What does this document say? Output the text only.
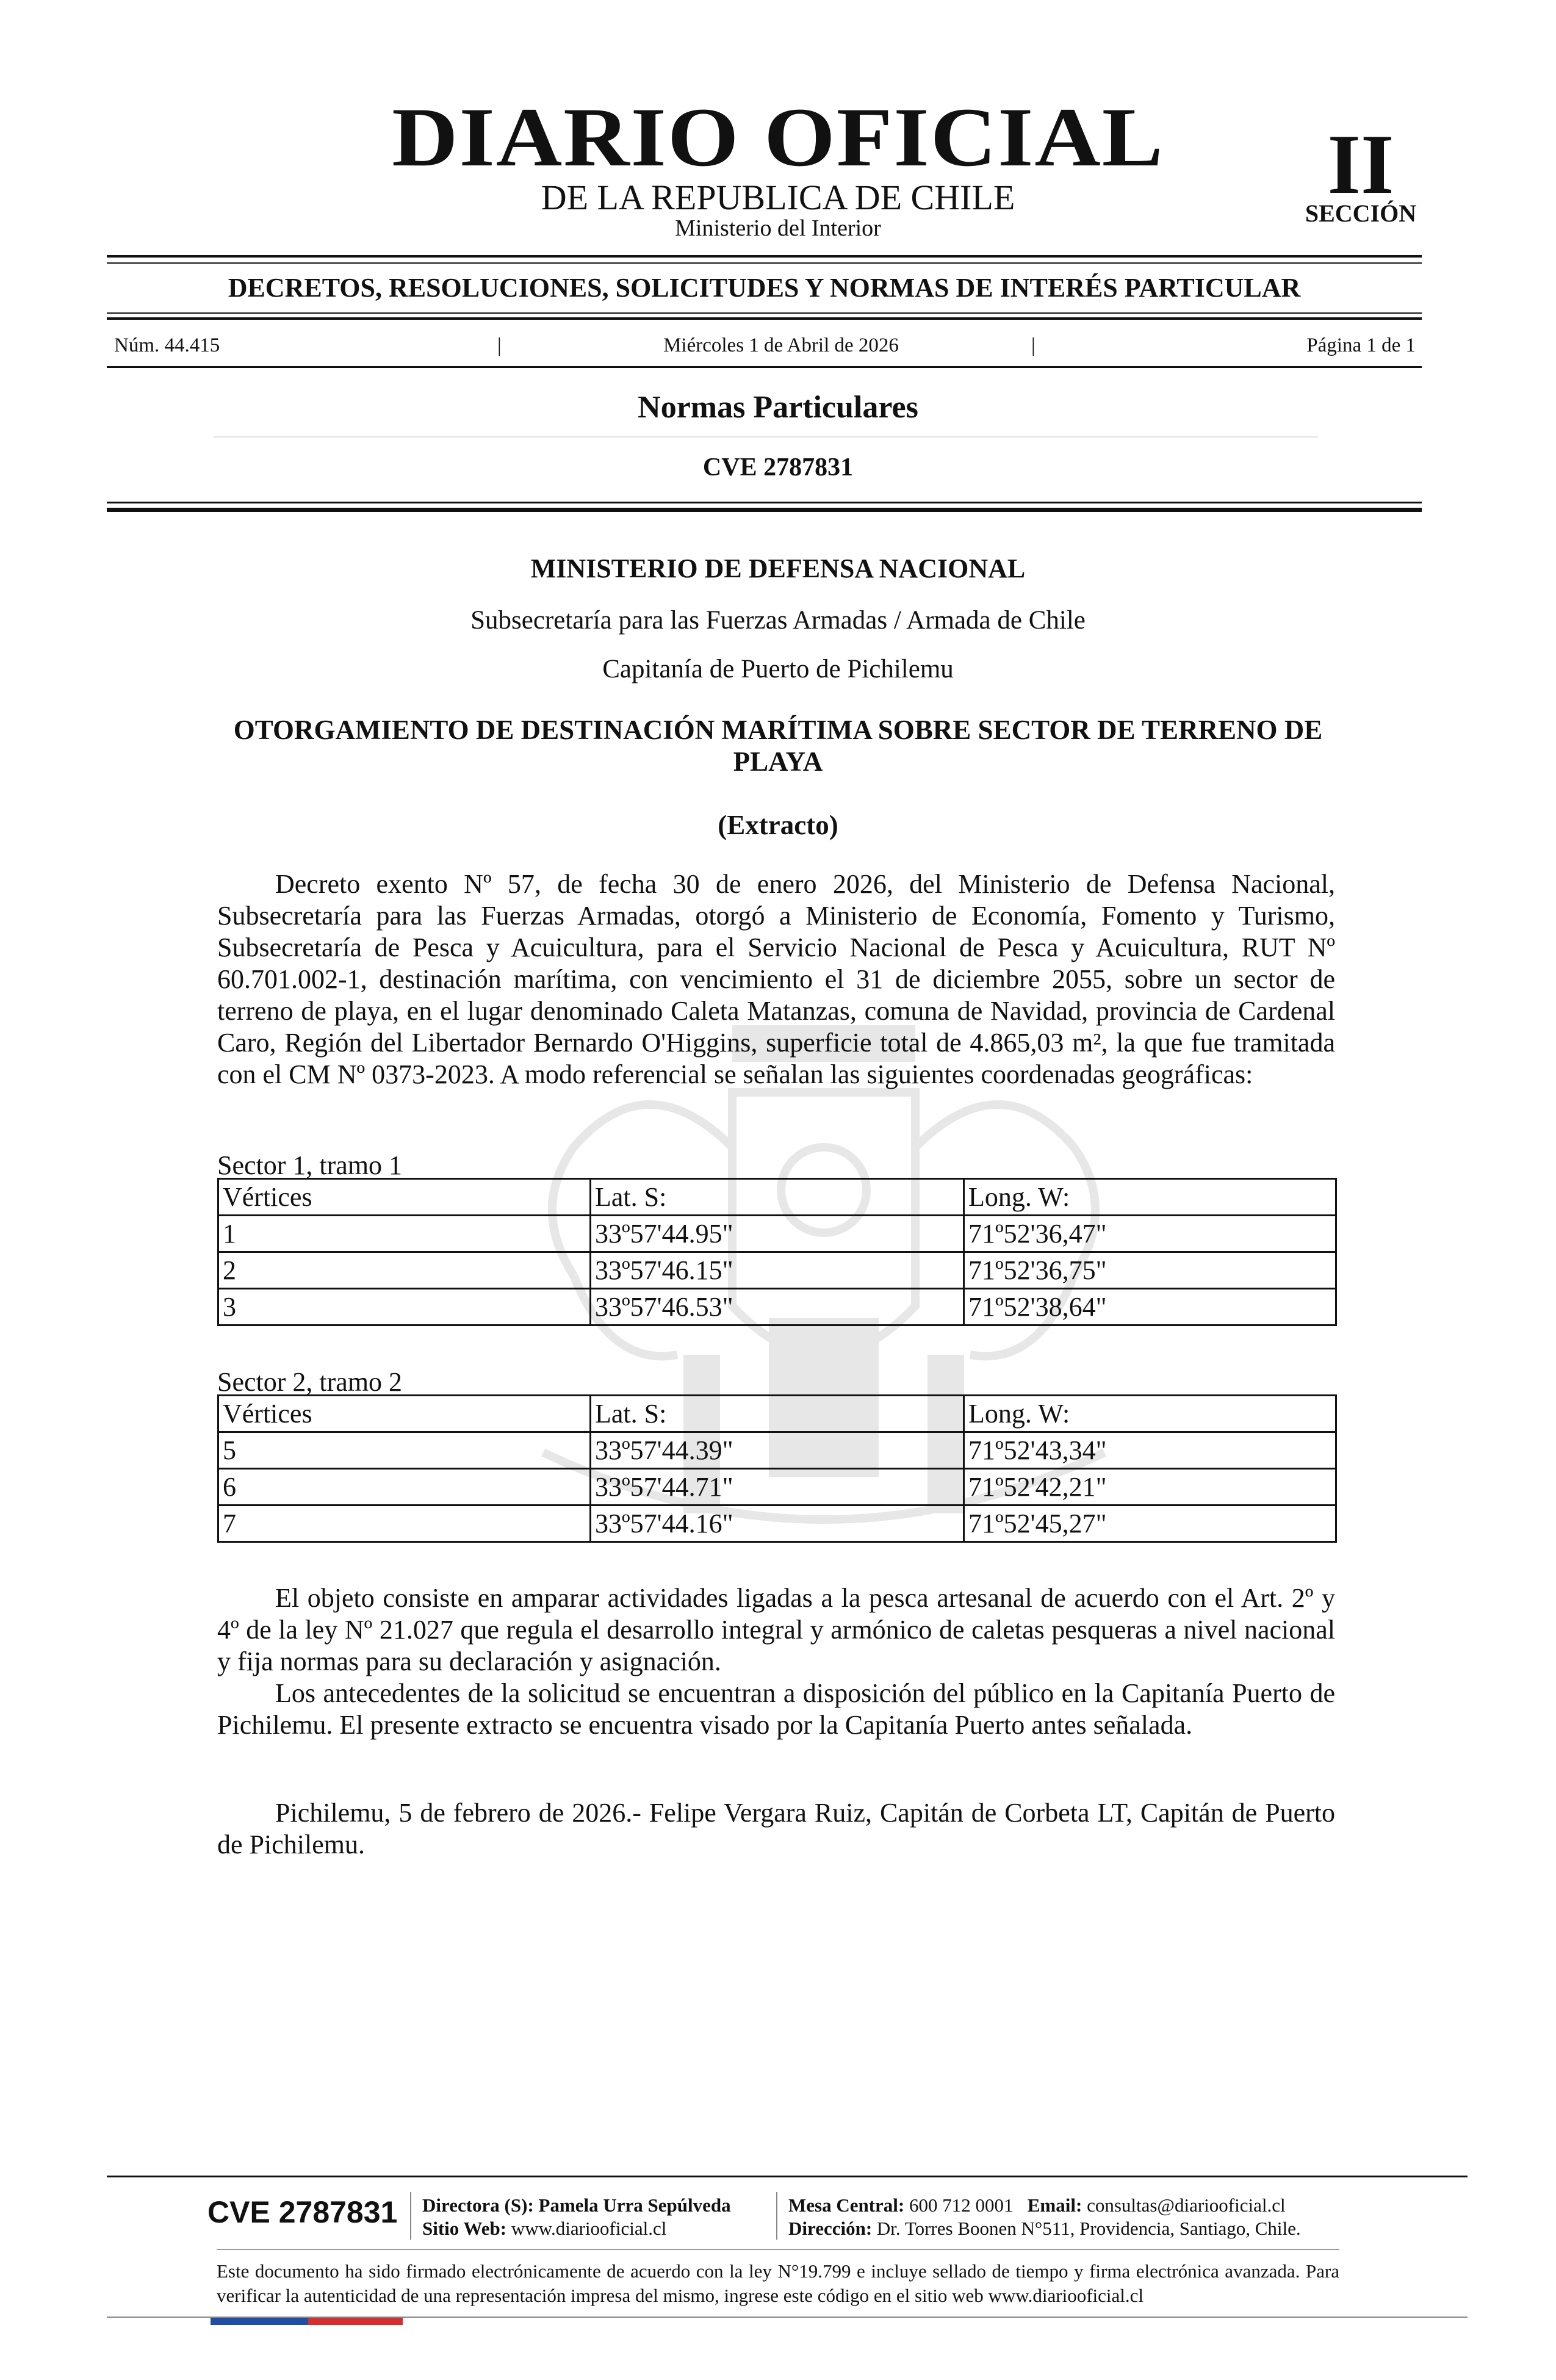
DIARIO OFICIAL
DE LA REPUBLICA DE CHILE
Ministerio del Interior
II
SECCIÓN
DECRETOS, RESOLUCIONES, SOLICITUDES Y NORMAS DE INTERÉS PARTICULAR
Núm. 44.415	|	Miércoles 1 de Abril de 2026	|	Página 1 de 1
Normas Particulares
CVE 2787831
MINISTERIO DE DEFENSA NACIONAL
Subsecretaría para las Fuerzas Armadas / Armada de Chile
Capitanía de Puerto de Pichilemu
OTORGAMIENTO DE DESTINACIÓN MARÍTIMA SOBRE SECTOR DE TERRENO DE PLAYA
(Extracto)

Decreto exento Nº 57, de fecha 30 de enero 2026, del Ministerio de Defensa Nacional, Subsecretaría para las Fuerzas Armadas, otorgó a Ministerio de Economía, Fomento y Turismo, Subsecretaría de Pesca y Acuicultura, para el Servicio Nacional de Pesca y Acuicultura, RUT Nº 60.701.002-1, destinación marítima, con vencimiento el 31 de diciembre 2055, sobre un sector de terreno de playa, en el lugar denominado Caleta Matanzas, comuna de Navidad, provincia de Cardenal Caro, Región del Libertador Bernardo O'Higgins, superficie total de 4.865,03 m², la que fue tramitada con el CM Nº 0373-2023. A modo referencial se señalan las siguientes coordenadas geográficas:

Sector 1, tramo 1
Vértices	Lat. S:	Long. W:
1	33º57'44.95"	71º52'36,47"
2	33º57'46.15"	71º52'36,75"
3	33º57'46.53"	71º52'38,64"
Sector 2, tramo 2
Vértices	Lat. S:	Long. W:
5	33º57'44.39"	71º52'43,34"
6	33º57'44.71"	71º52'42,21"
7	33º57'44.16"	71º52'45,27"

El objeto consiste en amparar actividades ligadas a la pesca artesanal de acuerdo con el Art. 2º y 4º de la ley Nº 21.027 que regula el desarrollo integral y armónico de caletas pesqueras a nivel nacional y fija normas para su declaración y asignación.

Los antecedentes de la solicitud se encuentran a disposición del público en la Capitanía Puerto de Pichilemu. El presente extracto se encuentra visado por la Capitanía Puerto antes señalada.

Pichilemu, 5 de febrero de 2026.- Felipe Vergara Ruiz, Capitán de Corbeta LT, Capitán de Puerto de Pichilemu.

CVE 2787831 Directora (S): Pamela Urra Sepúlveda
Sitio Web: www.diariooficial.cl
Mesa Central: 600 712 0001 Email: consultas@diariooficial.cl
Dirección: Dr. Torres Boonen N°511, Providencia, Santiago, Chile.
Este documento ha sido firmado electrónicamente de acuerdo con la ley N°19.799 e incluye sellado de tiempo y firma electrónica avanzada. Para verificar la autenticidad de una representación impresa del mismo, ingrese este código en el sitio web www.diariooficial.cl
